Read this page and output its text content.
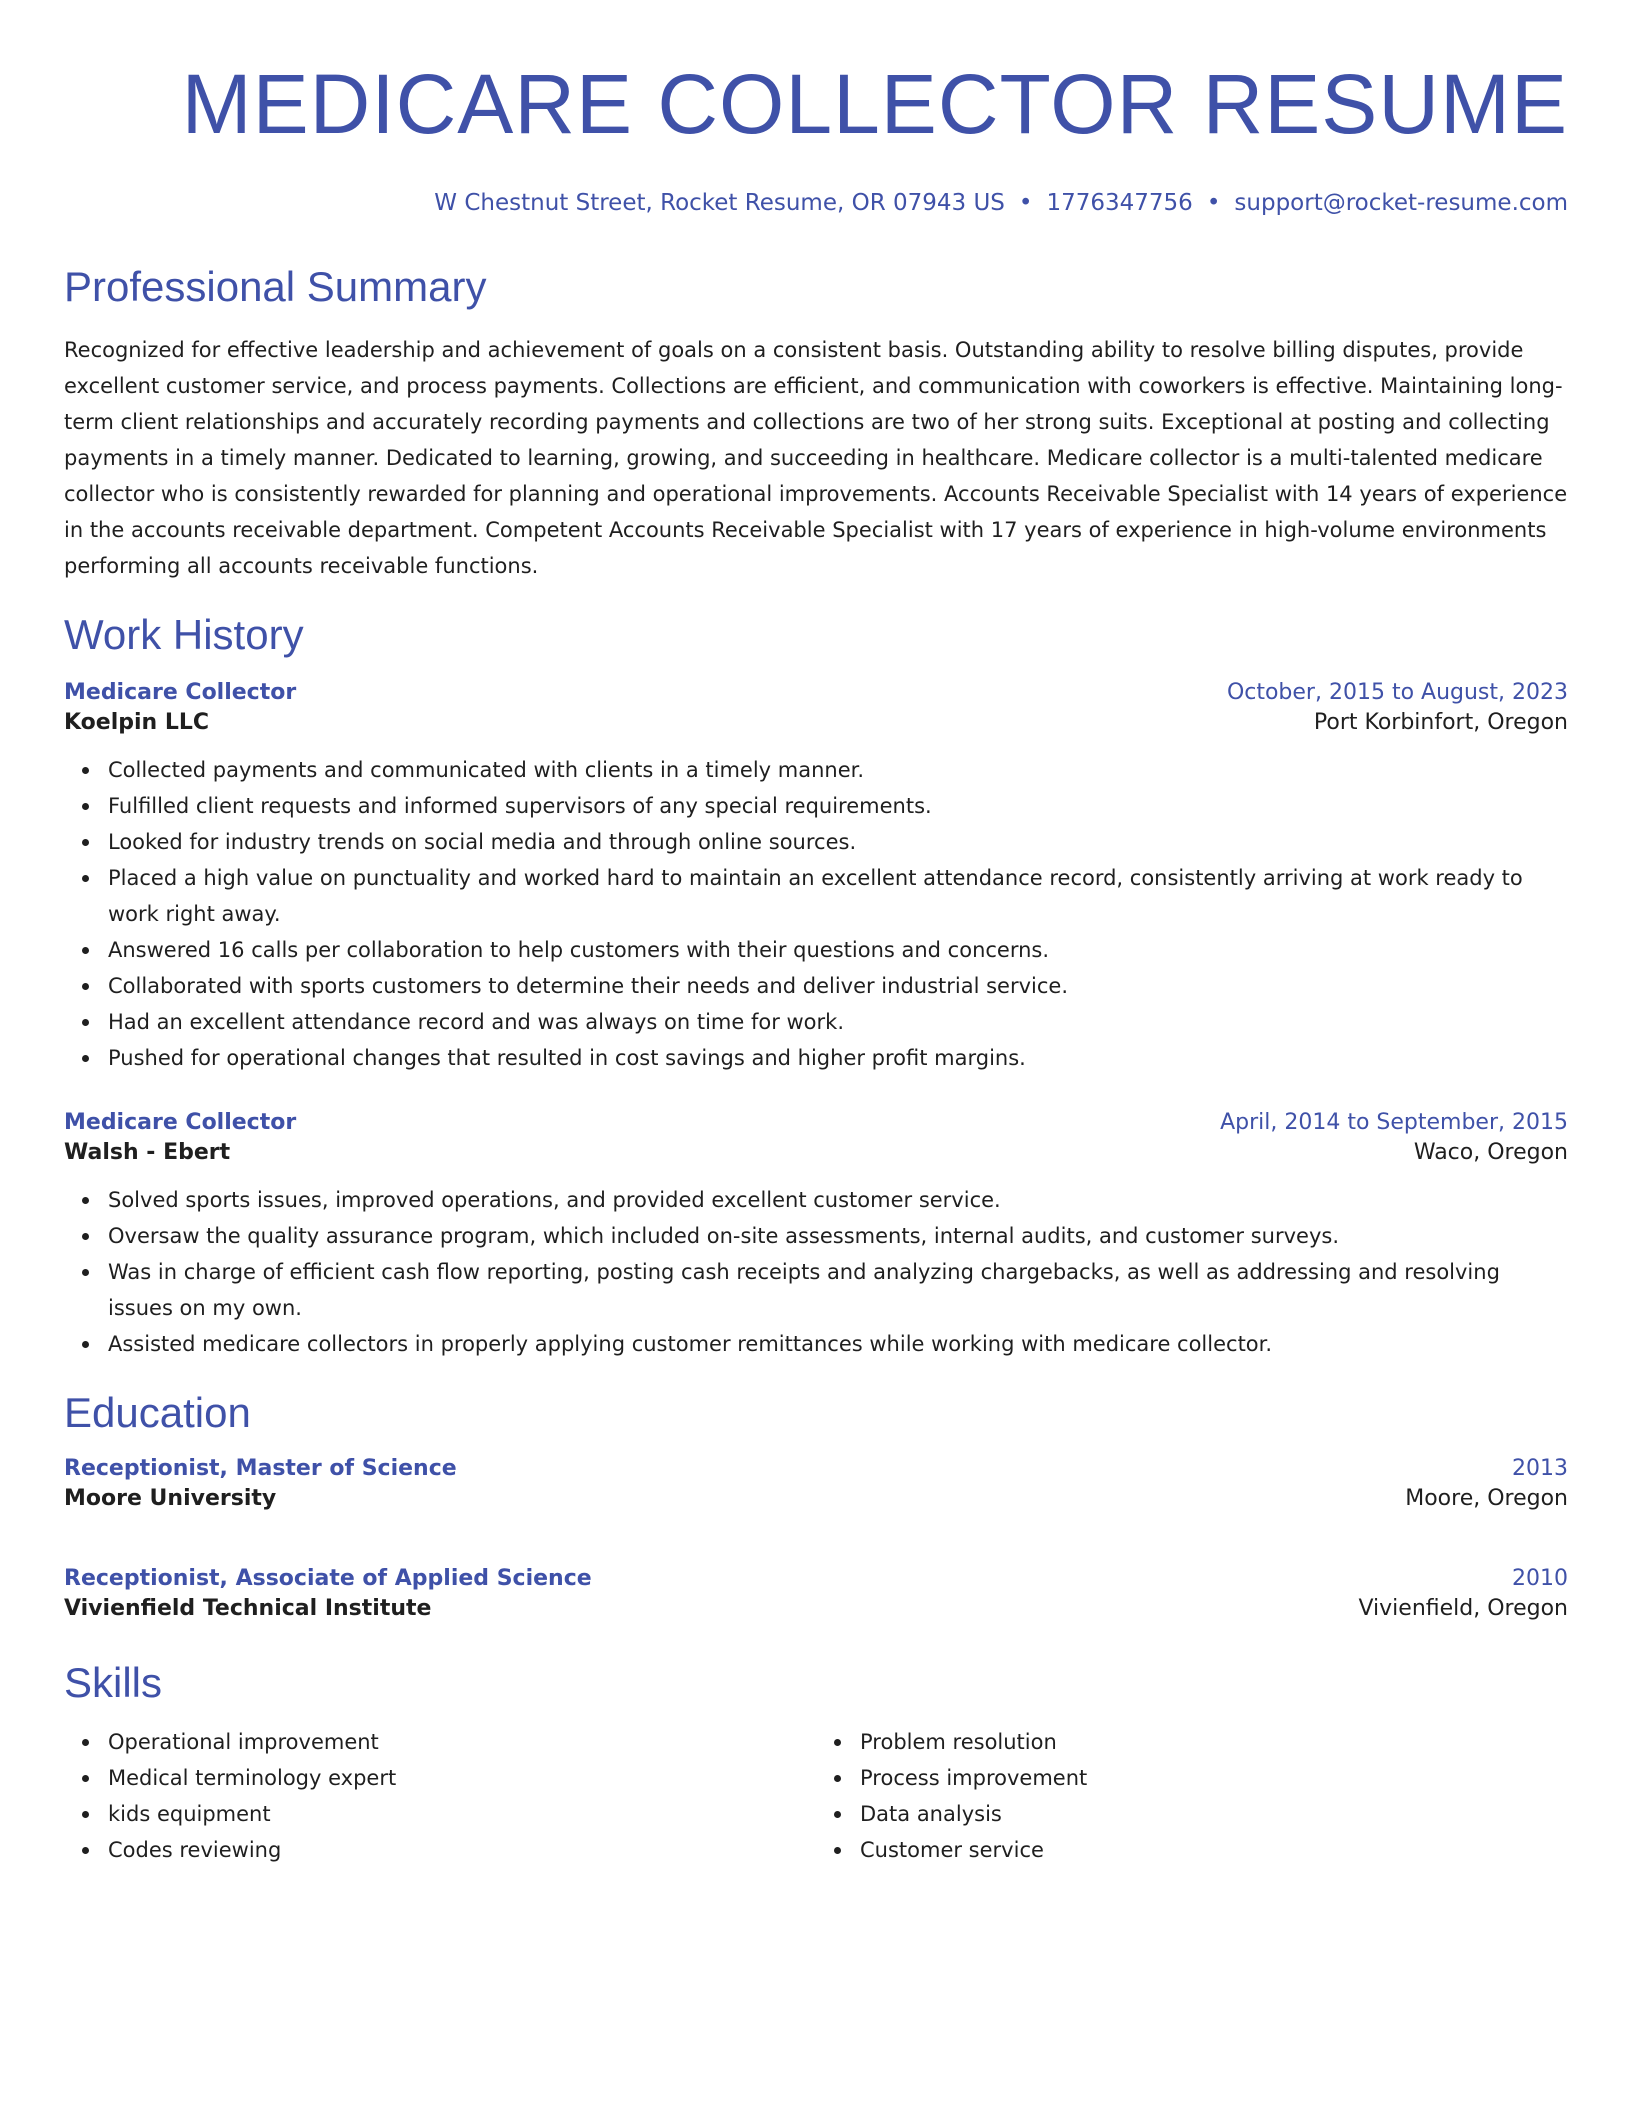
MEDICARE COLLECTOR RESUME
W Chestnut Street, Rocket Resume, OR 07943 US • 1776347756 • support@rocket-resume.com
Professional Summary

Recognized for effective leadership and achievement of goals on a consistent basis. Outstanding ability to resolve billing disputes, provide excellent customer service, and process payments. Collections are efficient, and communication with coworkers is effective. Maintaining long-term client relationships and accurately recording payments and collections are two of her strong suits. Exceptional at posting and collecting payments in a timely manner. Dedicated to learning, growing, and succeeding in healthcare. Medicare collector is a multi-talented medicare collector who is consistently rewarded for planning and operational improvements. Accounts Receivable Specialist with 14 years of experience in the accounts receivable department. Competent Accounts Receivable Specialist with 17 years of experience in high-volume environments performing all accounts receivable functions.

Work History
Medicare Collector	October, 2015 to August, 2023
Koelpin LLC	Port Korbinfort, Oregon
Collected payments and communicated with clients in a timely manner.
Fulfilled client requests and informed supervisors of any special requirements.
Looked for industry trends on social media and through online sources.
Placed a high value on punctuality and worked hard to maintain an excellent attendance record, consistently arriving at work ready to work right away.
Answered 16 calls per collaboration to help customers with their questions and concerns.
Collaborated with sports customers to determine their needs and deliver industrial service.
Had an excellent attendance record and was always on time for work.
Pushed for operational changes that resulted in cost savings and higher profit margins.
Medicare Collector	April, 2014 to September, 2015
Walsh - Ebert	Waco, Oregon
Solved sports issues, improved operations, and provided excellent customer service.
Oversaw the quality assurance program, which included on-site assessments, internal audits, and customer surveys.
Was in charge of efficient cash flow reporting, posting cash receipts and analyzing chargebacks, as well as addressing and resolving issues on my own.
Assisted medicare collectors in properly applying customer remittances while working with medicare collector.
Education
Receptionist, Master of Science	2013
Moore University	Moore, Oregon
Receptionist, Associate of Applied Science	2010
Vivienfield Technical Institute	Vivienfield, Oregon
Skills
Operational improvement
Medical terminology expert
kids equipment
Codes reviewing
Problem resolution
Process improvement
Data analysis
Customer service
